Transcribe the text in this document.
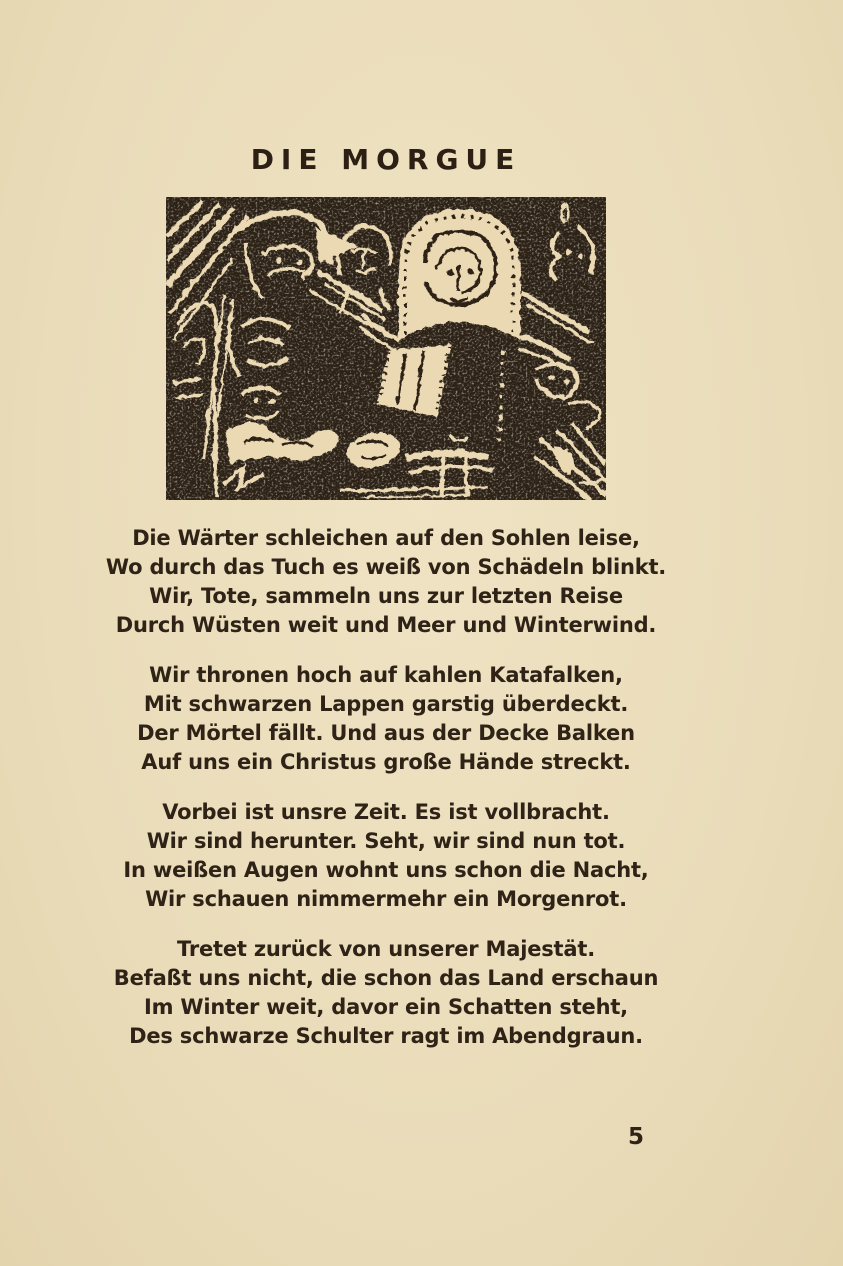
DIE MORGUE
Die Wärter schleichen auf den Sohlen leise,
Wo durch das Tuch es weiß von Schädeln blinkt.
Wir, Tote, sammeln uns zur letzten Reise
Durch Wüsten weit und Meer und Winterwind.
Wir thronen hoch auf kahlen Katafalken,
Mit schwarzen Lappen garstig überdeckt.
Der Mörtel fällt. Und aus der Decke Balken
Auf uns ein Christus große Hände streckt.
Vorbei ist unsre Zeit. Es ist vollbracht.
Wir sind herunter. Seht, wir sind nun tot.
In weißen Augen wohnt uns schon die Nacht,
Wir schauen nimmermehr ein Morgenrot.
Tretet zurück von unserer Majestät.
Befaßt uns nicht, die schon das Land erschaun
Im Winter weit, davor ein Schatten steht,
Des schwarze Schulter ragt im Abendgraun.
5
